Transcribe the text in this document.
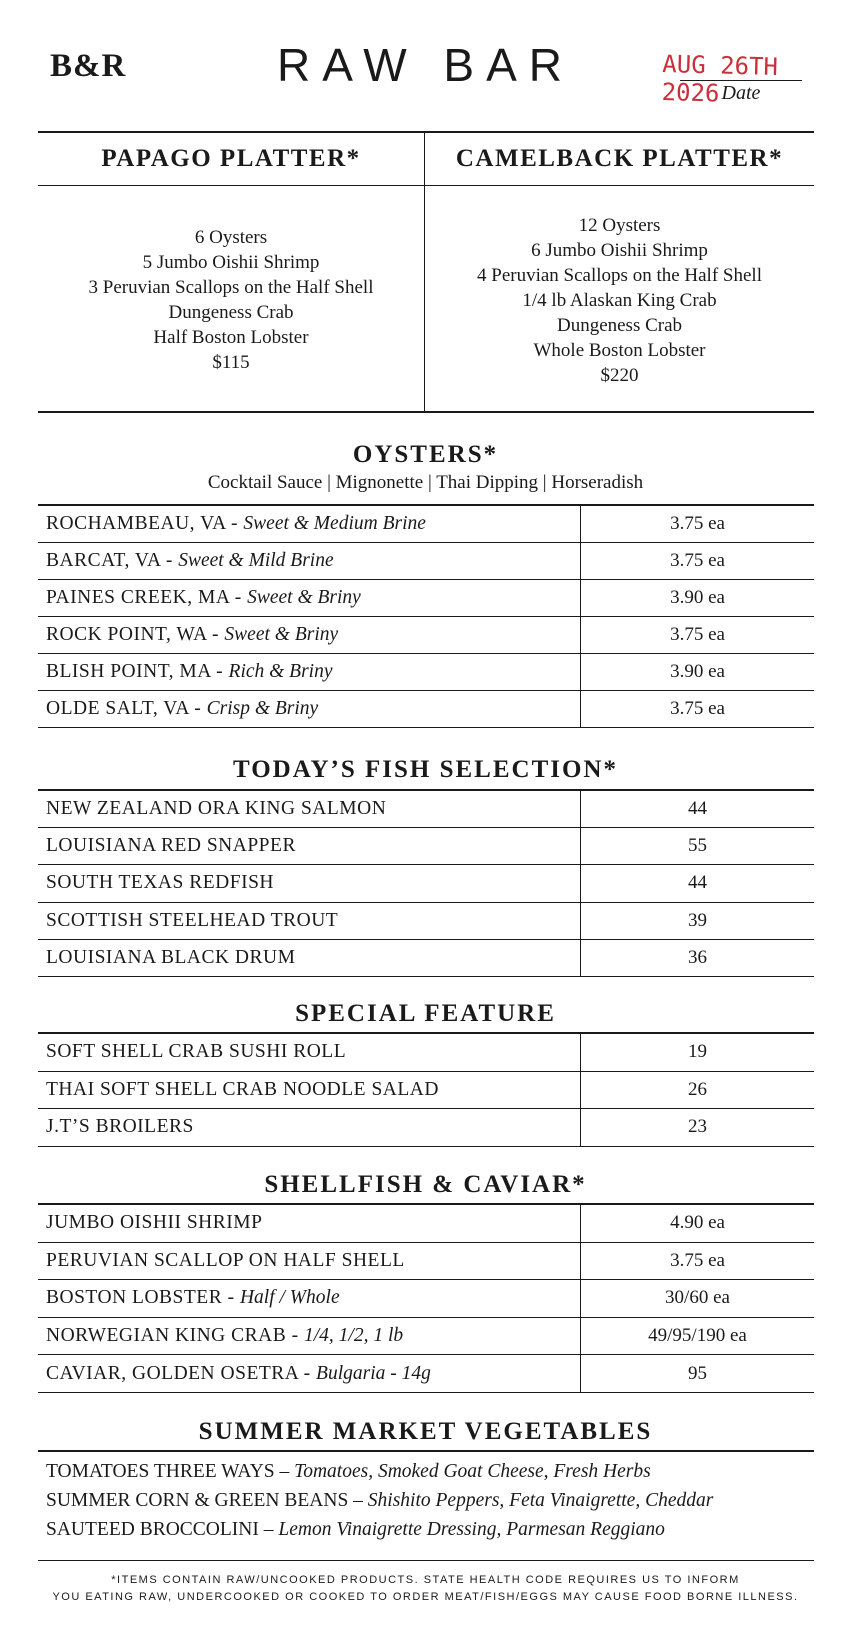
B&R	RAW BAR	AUG 26TH 2026 Date
PAPAGO PLATTER*	CAMELBACK PLATTER*
6 Oysters
5 Jumbo Oishii Shrimp
3 Peruvian Scallops on the Half Shell
Dungeness Crab
Half Boston Lobster
$115
12 Oysters
6 Jumbo Oishii Shrimp
4 Peruvian Scallops on the Half Shell
1/4 lb Alaskan King Crab
Dungeness Crab
Whole Boston Lobster
$220
OYSTERS*
Cocktail Sauce | Mignonette | Thai Dipping | Horseradish
ROCHAMBEAU, VA - Sweet & Medium Brine	3.75 ea
BARCAT, VA - Sweet & Mild Brine	3.75 ea
PAINES CREEK, MA - Sweet & Briny	3.90 ea
ROCK POINT, WA - Sweet & Briny	3.75 ea
BLISH POINT, MA - Rich & Briny	3.90 ea
OLDE SALT, VA - Crisp & Briny	3.75 ea
TODAY’S FISH SELECTION*
NEW ZEALAND ORA KING SALMON	44
LOUISIANA RED SNAPPER	55
SOUTH TEXAS REDFISH	44
SCOTTISH STEELHEAD TROUT	39
LOUISIANA BLACK DRUM	36
SPECIAL FEATURE
SOFT SHELL CRAB SUSHI ROLL	19
THAI SOFT SHELL CRAB NOODLE SALAD	26
J.T’S BROILERS	23
SHELLFISH & CAVIAR*
JUMBO OISHII SHRIMP	4.90 ea
PERUVIAN SCALLOP ON HALF SHELL	3.75 ea
BOSTON LOBSTER - Half / Whole	30/60 ea
NORWEGIAN KING CRAB - 1/4, 1/2, 1 lb	49/95/190 ea
CAVIAR, GOLDEN OSETRA - Bulgaria - 14g	95
SUMMER MARKET VEGETABLES
TOMATOES THREE WAYS – Tomatoes, Smoked Goat Cheese, Fresh Herbs
SUMMER CORN & GREEN BEANS – Shishito Peppers, Feta Vinaigrette, Cheddar
SAUTEED BROCCOLINI – Lemon Vinaigrette Dressing, Parmesan Reggiano
*ITEMS CONTAIN RAW/UNCOOKED PRODUCTS. STATE HEALTH CODE REQUIRES US TO INFORM
YOU EATING RAW, UNDERCOOKED OR COOKED TO ORDER MEAT/FISH/EGGS MAY CAUSE FOOD BORNE ILLNESS.
